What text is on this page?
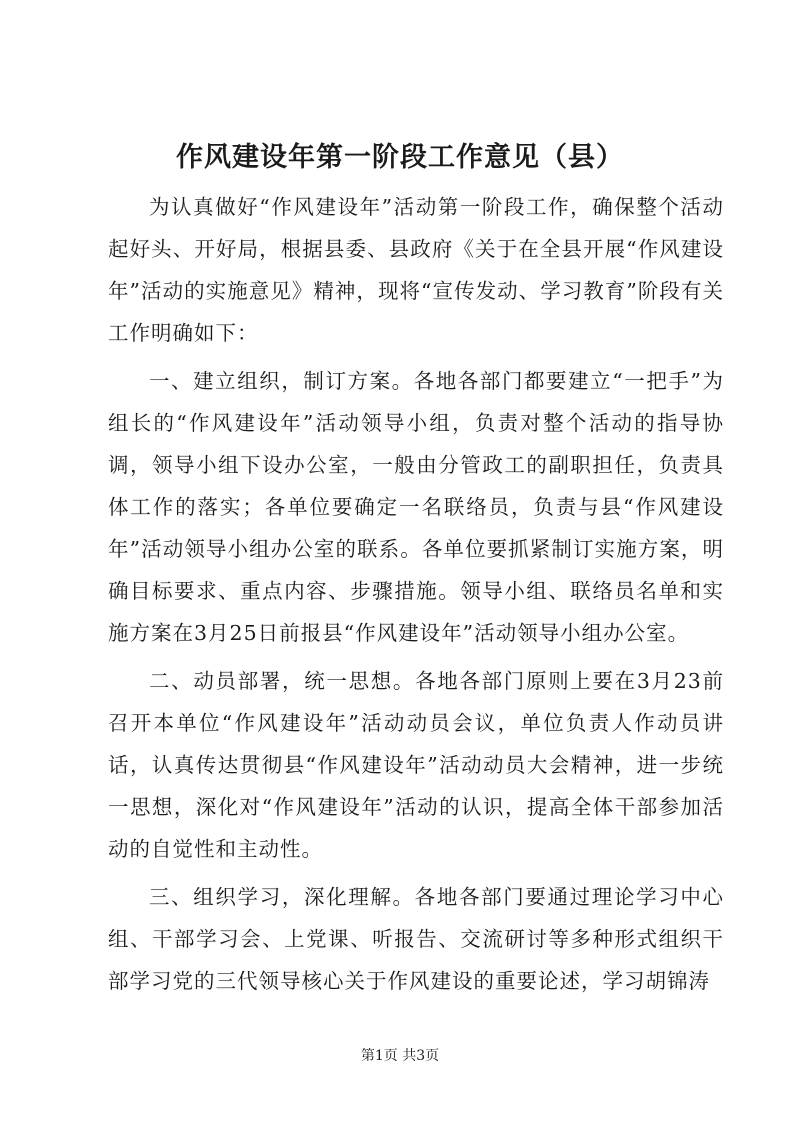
作风建设年第一阶段工作意见（县）

为认真做好“作风建设年”活动第一阶段工作，确保整个活动起好头、开好局，根据县委、县政府《关于在全县开展“作风建设年”活动的实施意见》精神，现将“宣传发动、学习教育”阶段有关工作明确如下：

一、建立组织，制订方案。各地各部门都要建立“一把手”为组长的“作风建设年”活动领导小组，负责对整个活动的指导协调，领导小组下设办公室，一般由分管政工的副职担任，负责具体工作的落实；各单位要确定一名联络员，负责与县“作风建设年”活动领导小组办公室的联系。各单位要抓紧制订实施方案，明确目标要求、重点内容、步骤措施。领导小组、联络员名单和实施方案在3月25日前报县“作风建设年”活动领导小组办公室。

二、动员部署，统一思想。各地各部门原则上要在3月23前召开本单位“作风建设年”活动动员会议，单位负责人作动员讲话，认真传达贯彻县“作风建设年”活动动员大会精神，进一步统一思想，深化对“作风建设年”活动的认识，提高全体干部参加活动的自觉性和主动性。

三、组织学习，深化理解。各地各部门要通过理论学习中心组、干部学习会、上党课、听报告、交流研讨等多种形式组织干部学习党的三代领导核心关于作风建设的重要论述，学习胡锦涛

第1页 共3页
